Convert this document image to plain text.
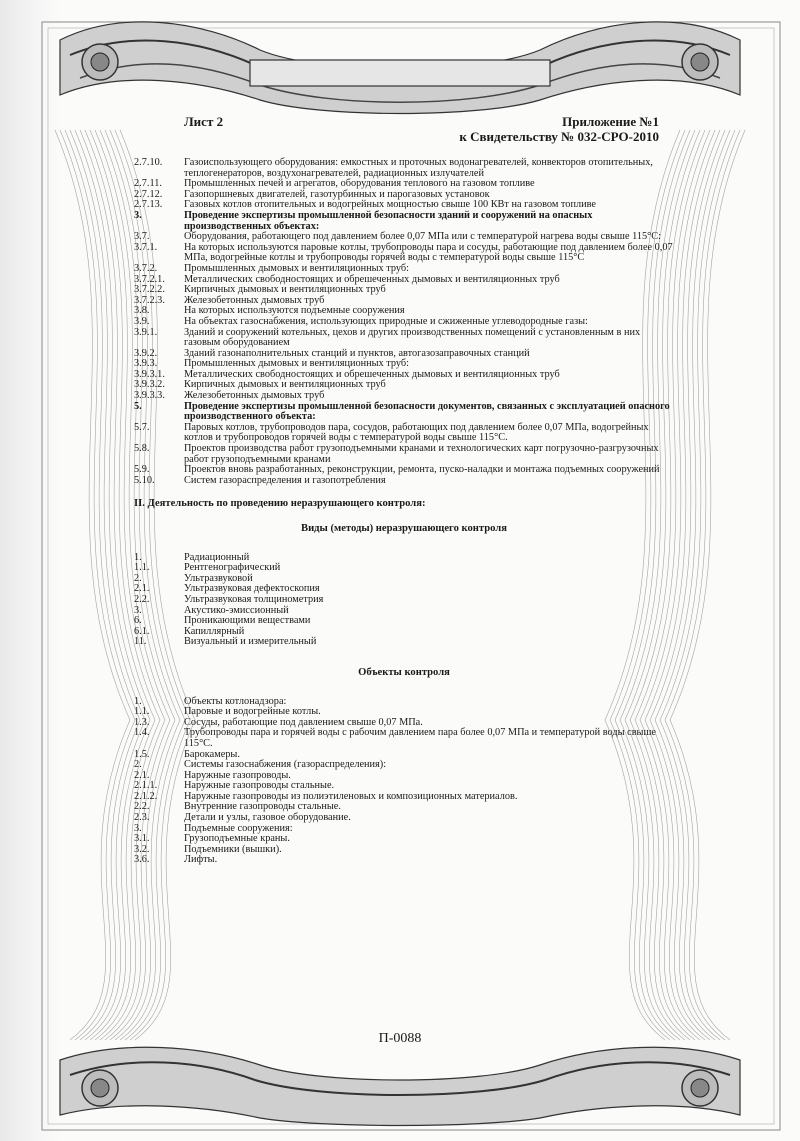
Лист 2	Приложение №1
к Свидетельству № 032-СРО-2010
2.7.10. Газоиспользующего оборудования: емкостных и проточных водонагревателей, конвекторов отопительных, теплогенераторов, воздухонагревателей, радиационных излучателей
2.7.11. Промышленных печей и агрегатов, оборудования теплового на газовом топливе
2.7.12. Газопоршневых двигателей, газотурбинных и парогазовых установок
2.7.13. Газовых котлов отопительных и водогрейных мощностью свыше 100 КВт на газовом топливе
3.	Проведение экспертизы промышленной безопасности зданий и сооружений на опасных производственных объектах:
3.7.	Оборудования, работающего под давлением более 0,07 МПа или с температурой нагрева воды свыше 115°С:
3.7.1.	На которых используются паровые котлы, трубопроводы пара и сосуды, работающие под давлением более 0,07 МПа, водогрейные котлы и трубопроводы горячей воды с температурой воды свыше 115°С
3.7.2.	Промышленных дымовых и вентиляционных труб:
3.7.2.1. Металлических свободностоящих и обрешеченных дымовых и вентиляционных труб
3.7.2.2. Кирпичных дымовых и вентиляционных труб
3.7.2.3. Железобетонных дымовых труб
3.8.	На которых используются подъемные сооружения
3.9.	На объектах газоснабжения, использующих природные и сжиженные углеводородные газы:
3.9.1.	Зданий и сооружений котельных, цехов и других производственных помещений с установленным в них газовым оборудованием
3.9.2.	Зданий газонаполнительных станций и пунктов, автогазозаправочных станций
3.9.3.	Промышленных дымовых и вентиляционных труб:
3.9.3.1. Металлических свободностоящих и обрешеченных дымовых и вентиляционных труб
3.9.3.2. Кирпичных дымовых и вентиляционных труб
3.9.3.3. Железобетонных дымовых труб
5.	Проведение экспертизы промышленной безопасности документов, связанных с эксплуатацией опасного производственного объекта:
5.7.	Паровых котлов, трубопроводов пара, сосудов, работающих под давлением более 0,07 МПа, водогрейных котлов и трубопроводов горячей воды с температурой воды свыше 115°С.
5.8.	Проектов производства работ грузоподъемными кранами и технологических карт погрузочно-разгрузочных работ грузоподъемными кранами
5.9.	Проектов вновь разработанных, реконструкции, ремонта, пуско-наладки и монтажа подъемных сооружений
5.10.	Систем газораспределения и газопотребления
II. Деятельность по проведению неразрушающего контроля:
Виды (методы) неразрушающего контроля
1.	Радиационный
1.1.	Рентгенографический
2.	Ультразвуковой
2.1.	Ультразвуковая дефектоскопия
2.2.	Ультразвуковая толщинометрия
3.	Акустико-эмиссионный
6.	Проникающими веществами
6.1.	Капиллярный
11.	Визуальный и измерительный
Объекты контроля
1.	Объекты котлонадзора:
1.1.	Паровые и водогрейные котлы.
1.3.	Сосуды, работающие под давлением свыше 0,07 МПа.
1.4.	Трубопроводы пара и горячей воды с рабочим давлением пара более 0,07 МПа и температурой воды свыше 115°С.
1.5.	Барокамеры.
2.	Системы газоснабжения (газораспределения):
2.1.	Наружные газопроводы.
2.1.1.	Наружные газопроводы стальные.
2.1.2.	Наружные газопроводы из полиэтиленовых и композиционных материалов.
2.2.	Внутренние газопроводы стальные.
2.3.	Детали и узлы, газовое оборудование.
3.	Подъемные сооружения:
3.1.	Грузоподъемные краны.
3.2.	Подъемники (вышки).
3.6.	Лифты.
П-0088
